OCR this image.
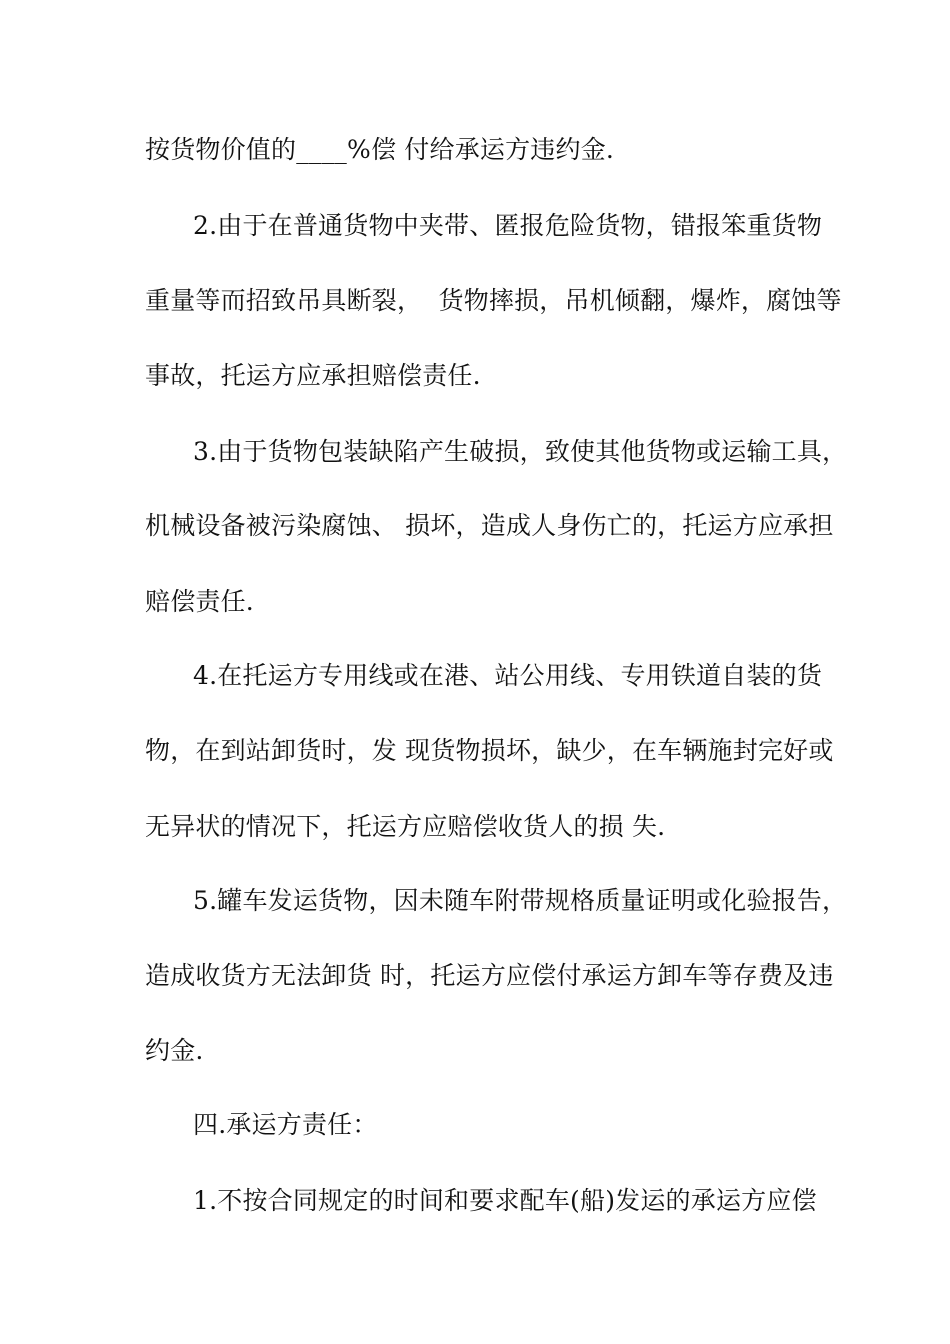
按货物价值的____%偿 付给承运方违约金.
2.由于在普通货物中夹带、匿报危险货物，错报笨重货物
重量等而招致吊具断裂，  货物摔损，吊机倾翻，爆炸，腐蚀等
事故，托运方应承担赔偿责任.
3.由于货物包装缺陷产生破损，致使其他货物或运输工具，
机械设备被污染腐蚀、 损坏，造成人身伤亡的，托运方应承担
赔偿责任.
4.在托运方专用线或在港、站公用线、专用铁道自装的货
物，在到站卸货时，发 现货物损坏，缺少，在车辆施封完好或
无异状的情况下，托运方应赔偿收货人的损 失.
5.罐车发运货物，因未随车附带规格质量证明或化验报告，
造成收货方无法卸货 时，托运方应偿付承运方卸车等存费及违
约金.
四.承运方责任：
1.不按合同规定的时间和要求配车(船)发运的承运方应偿
